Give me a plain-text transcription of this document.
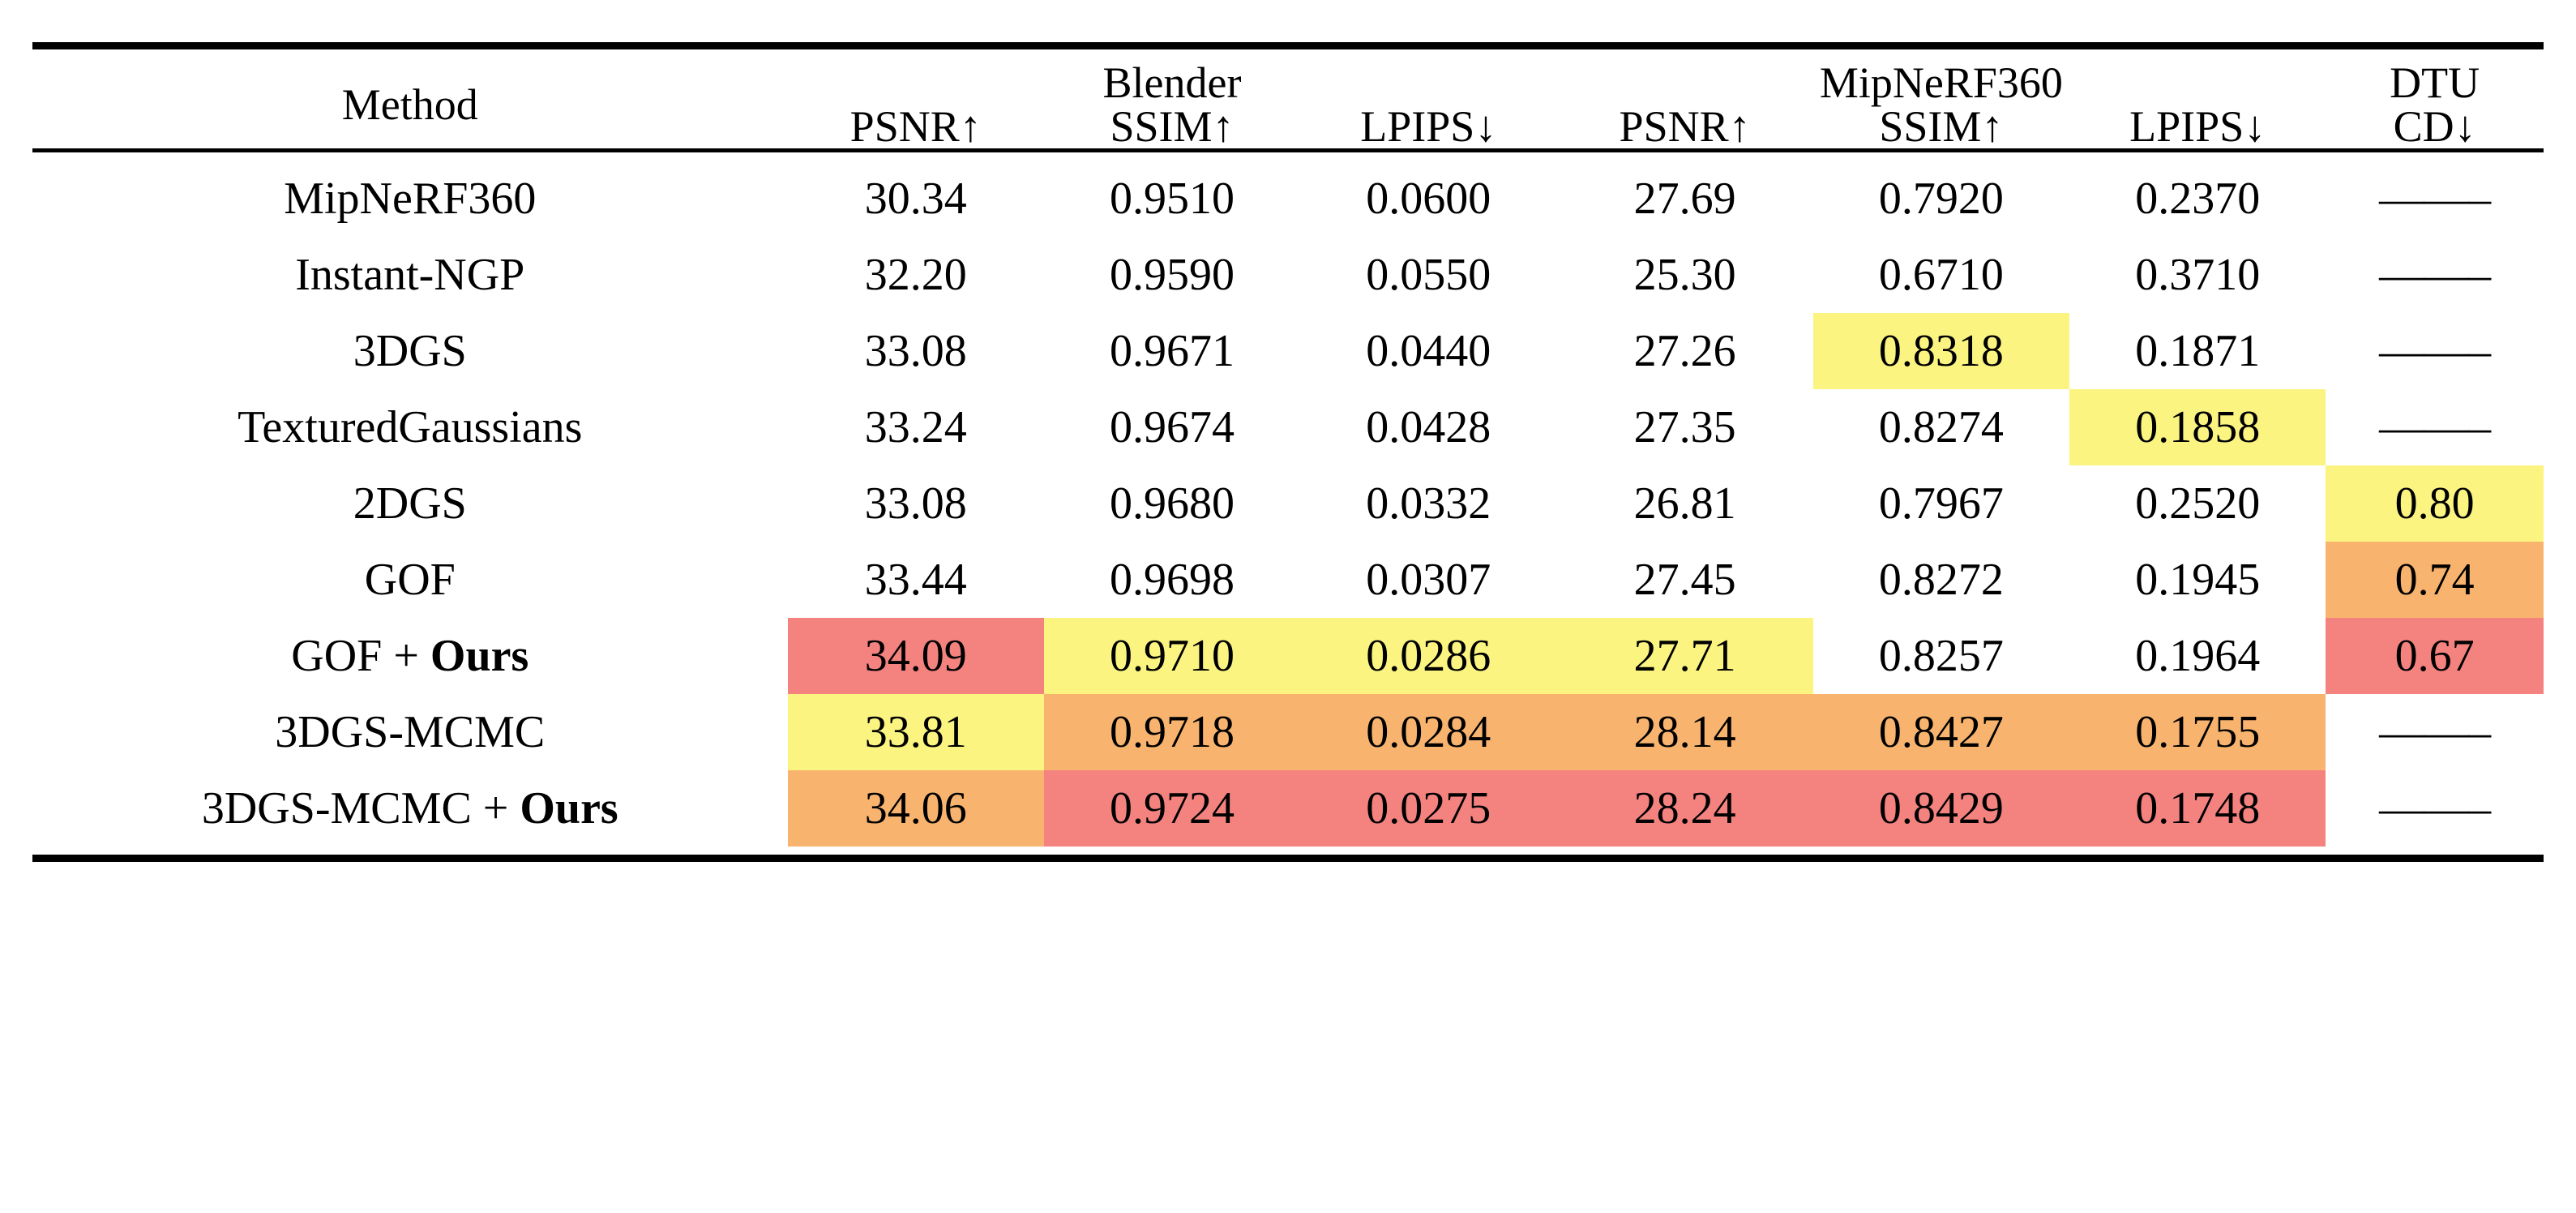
Method	Blender			MipNeRF360			DTU
	PSNR↑	SSIM↑	LPIPS↓	PSNR↑	SSIM↑	LPIPS↓	CD↓

MipNeRF360	30.34	0.9510	0.0600	27.69	0.7920	0.2370	——–

Instant-NGP	32.20	0.9590	0.0550	25.30	0.6710	0.3710	——–

3DGS	33.08	0.9671	0.0440	27.26	0.8318	0.1871	——–

TexturedGaussians	33.24	0.9674	0.0428	27.35	0.8274	0.1858	——–

2DGS	33.08	0.9680	0.0332	26.81	0.7967	0.2520	0.80

GOF	33.44	0.9698	0.0307	27.45	0.8272	0.1945	0.74

GOF + Ours	34.09	0.9710	0.0286	27.71	0.8257	0.1964	0.67

3DGS-MCMC	33.81	0.9718	0.0284	28.14	0.8427	0.1755	——–

3DGS-MCMC + Ours	34.06	0.9724	0.0275	28.24	0.8429	0.1748	——–
